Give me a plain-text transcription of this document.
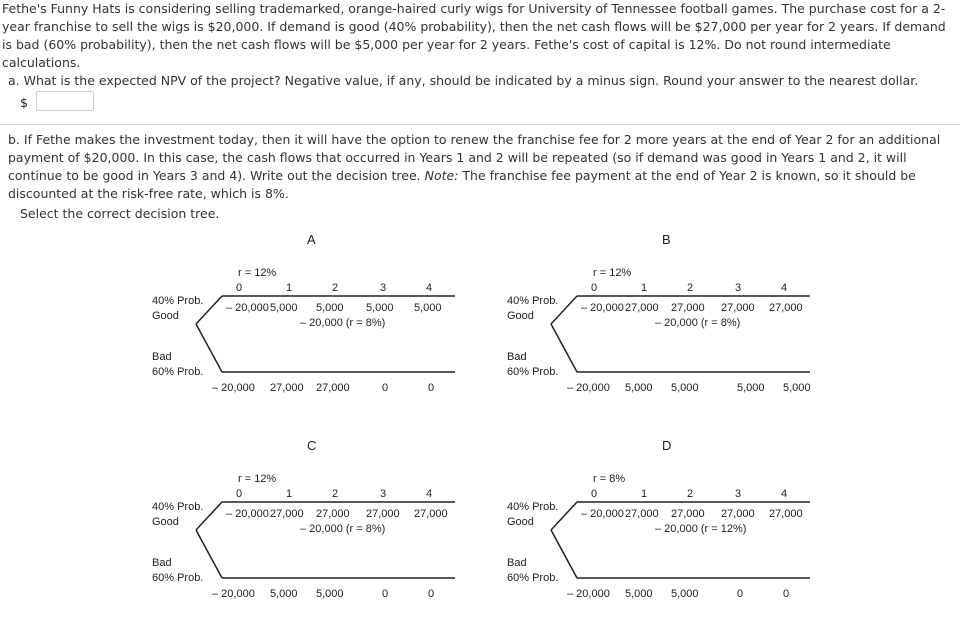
Fethe's Funny Hats is considering selling trademarked, orange-haired curly wigs for University of Tennessee football games. The purchase cost for a 2-year franchise to sell the wigs is $20,000. If demand is good (40% probability), then the net cash flows will be $27,000 per year for 2 years. If demand is bad (60% probability), then the net cash flows will be $5,000 per year for 2 years. Fethe's cost of capital is 12%. Do not round intermediate calculations.
a. What is the expected NPV of the project? Negative value, if any, should be indicated by a minus sign. Round your answer to the nearest dollar.
$
b. If Fethe makes the investment today, then it will have the option to renew the franchise fee for 2 more years at the end of Year 2 for an additional payment of $20,000. In this case, the cash flows that occurred in Years 1 and 2 will be repeated (so if demand was good in Years 1 and 2, it will continue to be good in Years 3 and 4). Write out the decision tree. Note: The franchise fee payment at the end of Year 2 is known, so it should be discounted at the risk-free rate, which is 8%.
Select the correct decision tree.
A
r = 12%
0	1	2	3	4
40% Prob.
Good
Bad
60% Prob.
– 20,000 5,000 5,000 5,000 5,000
– 20,000 (r = 8%)
– 20,000 27,000 27,000	0	0
B
r = 12%
0	1	2	3	4
40% Prob.
Good
Bad
60% Prob.
– 20,000 27,000 27,000 27,000 27,000
– 20,000 (r = 8%)
– 20,000 5,000 5,000	5,000 5,000
C
r = 12%
0	1	2	3	4
40% Prob.
Good
Bad
60% Prob.
– 20,000 27,000 27,000 27,000 27,000
– 20,000 (r = 8%)
– 20,000 5,000 5,000	0	0
D
r = 8%
0	1	2	3	4
40% Prob.
Good
Bad
60% Prob.
– 20,000 27,000 27,000 27,000 27,000
– 20,000 (r = 12%)
– 20,000 5,000 5,000	0	0
